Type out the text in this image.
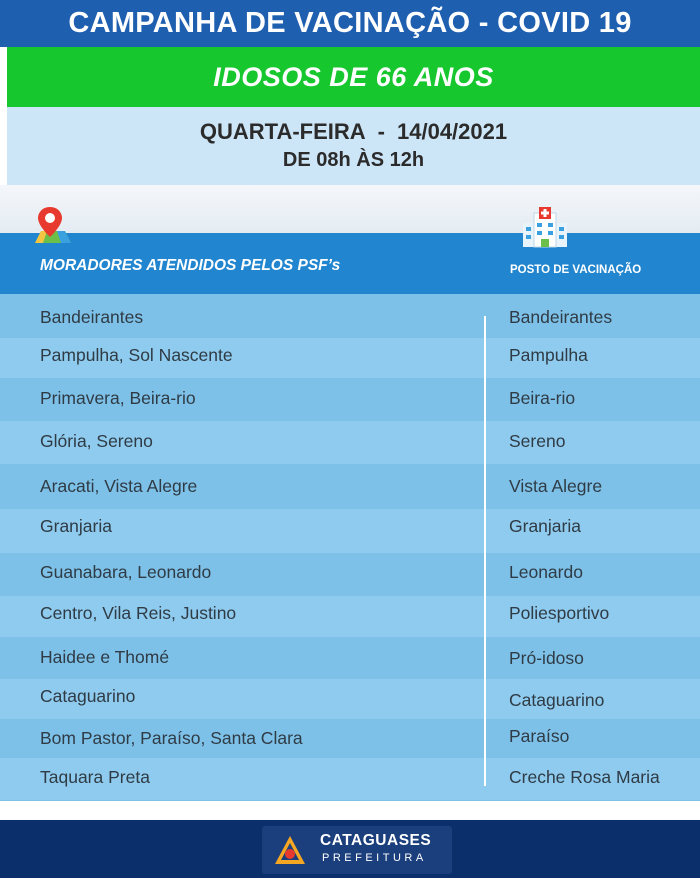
CAMPANHA DE VACINAÇÃO - COVID 19
IDOSOS DE 66 ANOS
QUARTA-FEIRA - 14/04/2021
DE 08h ÀS 12h
MORADORES ATENDIDOS PELOS PSF’s	POSTO DE VACINAÇÃO
Bandeirantes	Bandeirantes
Pampulha, Sol Nascente	Pampulha
Primavera, Beira-rio	Beira-rio
Glória, Sereno	Sereno
Aracati, Vista Alegre	Vista Alegre
Granjaria	Granjaria
Guanabara, Leonardo	Leonardo
Centro, Vila Reis, Justino	Poliesportivo
Haidee e Thomé	Pró-idoso
Cataguarino	Cataguarino
Bom Pastor, Paraíso, Santa Clara	Paraíso
Taquara Preta	Creche Rosa Maria
CATAGUASES
PREFEITURA
